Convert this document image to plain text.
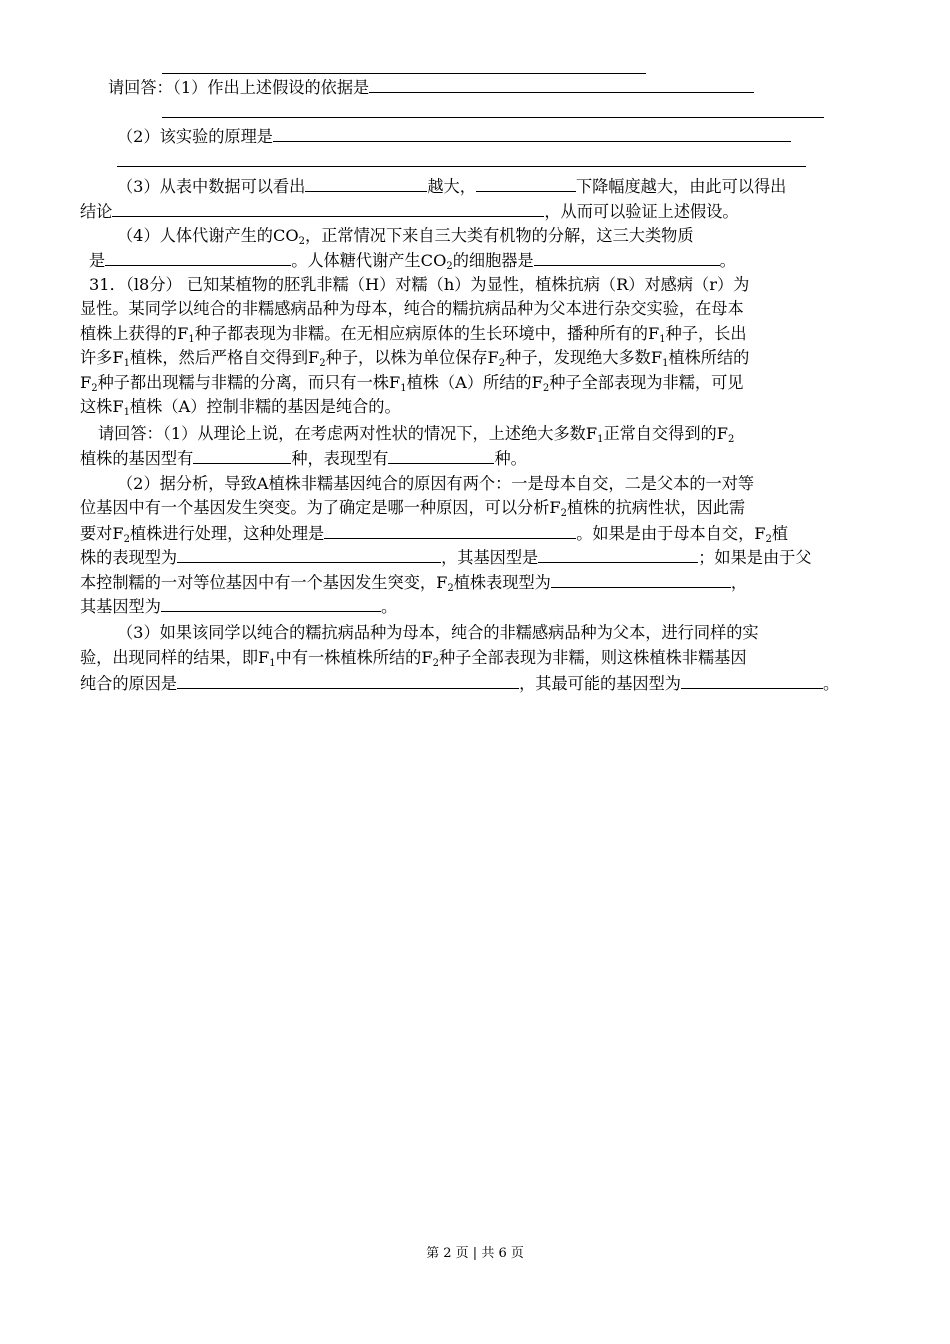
请回答：（1）作出上述假设的依据是
（2）该实验的原理是
（3）从表中数据可以看出	越大，	下降幅度越大，由此可以得出
结论	，从而可以验证上述假设。
（4）人体代谢产生的$CO_2$，正常情况下来自三大类有机物的分解，这三大类物质
是	。人体糖代谢产生$CO_2$的细胞器是	。
31．（l8分） 已知某植物的胚乳非糯（H）对糯（h）为显性，植株抗病（R）对感病（r）为
显性。某同学以纯合的非糯感病品种为母本，纯合的糯抗病品种为父本进行杂交实验，在母本
植株上获得的$F_1$种子都表现为非糯。在无相应病原体的生长环境中，播种所有的$F_1$种子，长出
许多$F_1$植株，然后严格自交得到$F_2$种子，以株为单位保存$F_2$种子，发现绝大多数$F_1$植株所结的
$F_2$种子都出现糯与非糯的分离，而只有一株$F_1$植株（A）所结的$F_2$种子全部表现为非糯，可见
这株$F_1$植株（A）控制非糯的基因是纯合的。
请回答：（1）从理论上说，在考虑两对性状的情况下，上述绝大多数$F_1$正常自交得到的$F_2$
植株的基因型有	种，表现型有	种。
（2）据分析，导致A植株非糯基因纯合的原因有两个：一是母本自交，二是父本的一对等
位基因中有一个基因发生突变。为了确定是哪一种原因，可以分析$F_2$植株的抗病性状，因此需
要对$F_2$植株进行处理，这种处理是	。如果是由于母本自交，$F_2$植
株的表现型为	，其基因型是	；如果是由于父
本控制糯的一对等位基因中有一个基因发生突变，$F_2$植株表现型为	，
其基因型为	。
（3）如果该同学以纯合的糯抗病品种为母本，纯合的非糯感病品种为父本，进行同样的实
验，出现同样的结果，即$F_1$中有一株植株所结的$F_2$种子全部表现为非糯，则这株植株非糯基因
纯合的原因是	，其最可能的基因型为	。
第 2 页 | 共 6 页
